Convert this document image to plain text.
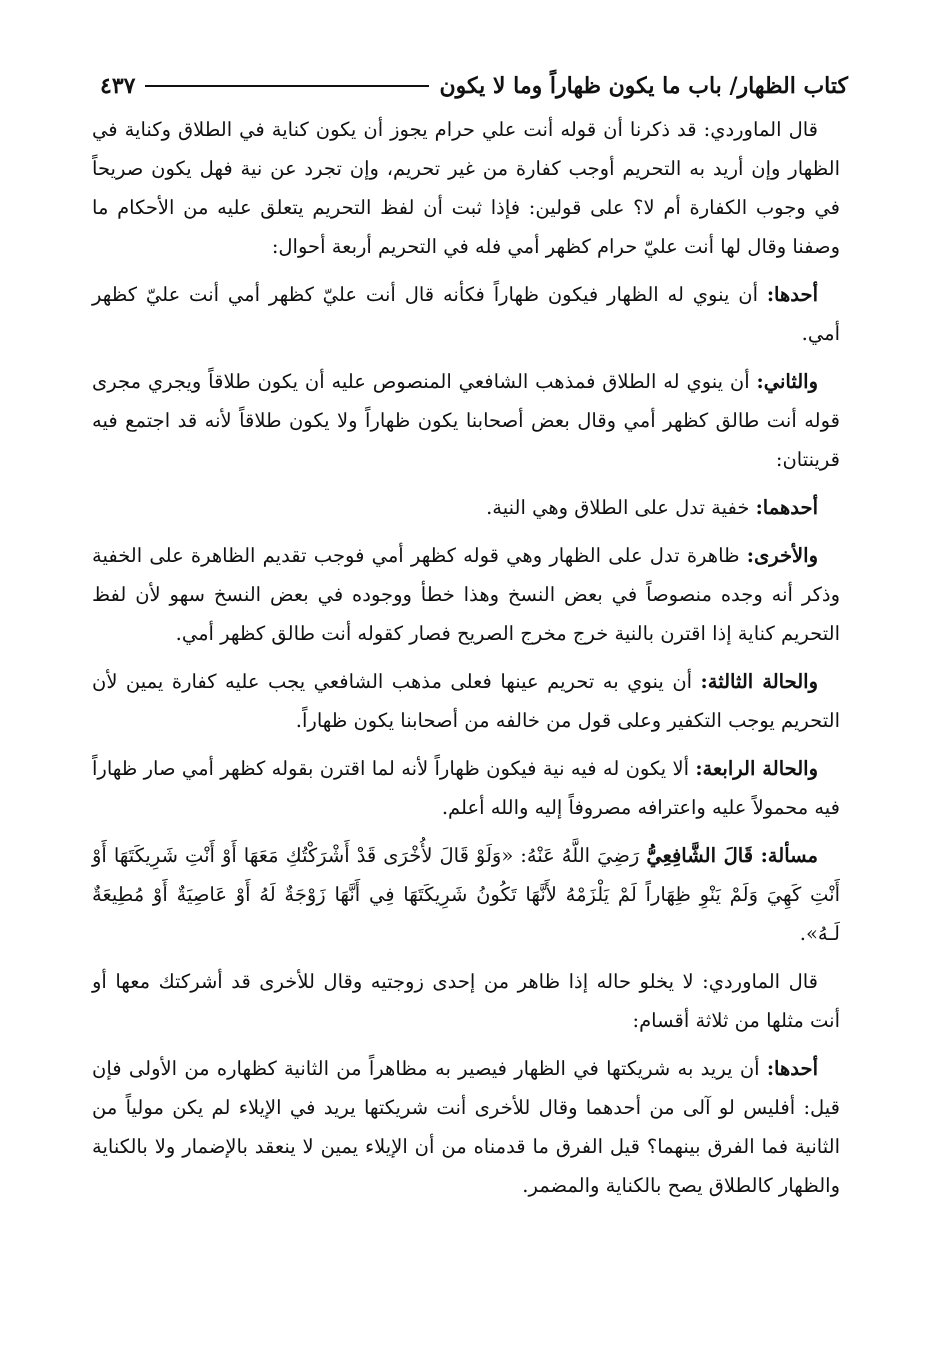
كتاب الظهار/ باب ما يكون ظهاراً وما لا يكون
٤٣٧

قال الماوردي: قد ذكرنا أن قوله أنت علي حرام يجوز أن يكون كناية في الطلاق وكناية في الظهار وإن أريد به التحريم أوجب كفارة من غير تحريم، وإن تجرد عن نية فهل يكون صريحاً في وجوب الكفارة أم لا؟ على قولين: فإذا ثبت أن لفظ التحريم يتعلق عليه من الأحكام ما وصفنا وقال لها أنت عليّ حرام كظهر أمي فله في التحريم أربعة أحوال:

أحدها: أن ينوي له الظهار فيكون ظهاراً فكأنه قال أنت عليّ كظهر أمي أنت عليّ كظهر أمي.

والثاني: أن ينوي له الطلاق فمذهب الشافعي المنصوص عليه أن يكون طلاقاً ويجري مجرى قوله أنت طالق كظهر أمي وقال بعض أصحابنا يكون ظهاراً ولا يكون طلاقاً لأنه قد اجتمع فيه قرينتان:

أحدهما: خفية تدل على الطلاق وهي النية.

والأخرى: ظاهرة تدل على الظهار وهي قوله كظهر أمي فوجب تقديم الظاهرة على الخفية وذكر أنه وجده منصوصاً في بعض النسخ وهذا خطأ ووجوده في بعض النسخ سهو لأن لفظ التحريم كناية إذا اقترن بالنية خرج مخرج الصريح فصار كقوله أنت طالق كظهر أمي.

والحالة الثالثة: أن ينوي به تحريم عينها فعلى مذهب الشافعي يجب عليه كفارة يمين لأن التحريم يوجب التكفير وعلى قول من خالفه من أصحابنا يكون ظهاراً.

والحالة الرابعة: ألا يكون له فيه نية فيكون ظهاراً لأنه لما اقترن بقوله كظهر أمي صار ظهاراً فيه محمولاً عليه واعترافه مصروفاً إليه والله أعلم.

مسألة: قَالَ الشَّافِعِيُّ رَضِيَ اللَّهُ عَنْهُ: «وَلَوْ قَالَ لأُخْرَى قَدْ أَشْرَكْتُكِ مَعَهَا أَوْ أَنْتِ شَرِيكَتَهَا أَوْ أَنْتِ كَهِيَ وَلَمْ يَنْوِ ظِهَاراً لَمْ يَلْزَمْهُ لأَنَّهَا تَكُونُ شَرِيكَتَهَا فِي أَنَّهَا زَوْجَةٌ لَهُ أَوْ عَاصِيَةٌ أَوْ مُطِيعَةٌ لَـهُ».

قال الماوردي: لا يخلو حاله إذا ظاهر من إحدى زوجتيه وقال للأخرى قد أشركتك معها أو أنت مثلها من ثلاثة أقسام:

أحدها: أن يريد به شريكتها في الظهار فيصير به مظاهراً من الثانية كظهاره من الأولى فإن قيل: أفليس لو آلى من أحدهما وقال للأخرى أنت شريكتها يريد في الإيلاء لم يكن مولياً من الثانية فما الفرق بينهما؟ قيل الفرق ما قدمناه من أن الإيلاء يمين لا ينعقد بالإضمار ولا بالكناية والظهار كالطلاق يصح بالكناية والمضمر.
